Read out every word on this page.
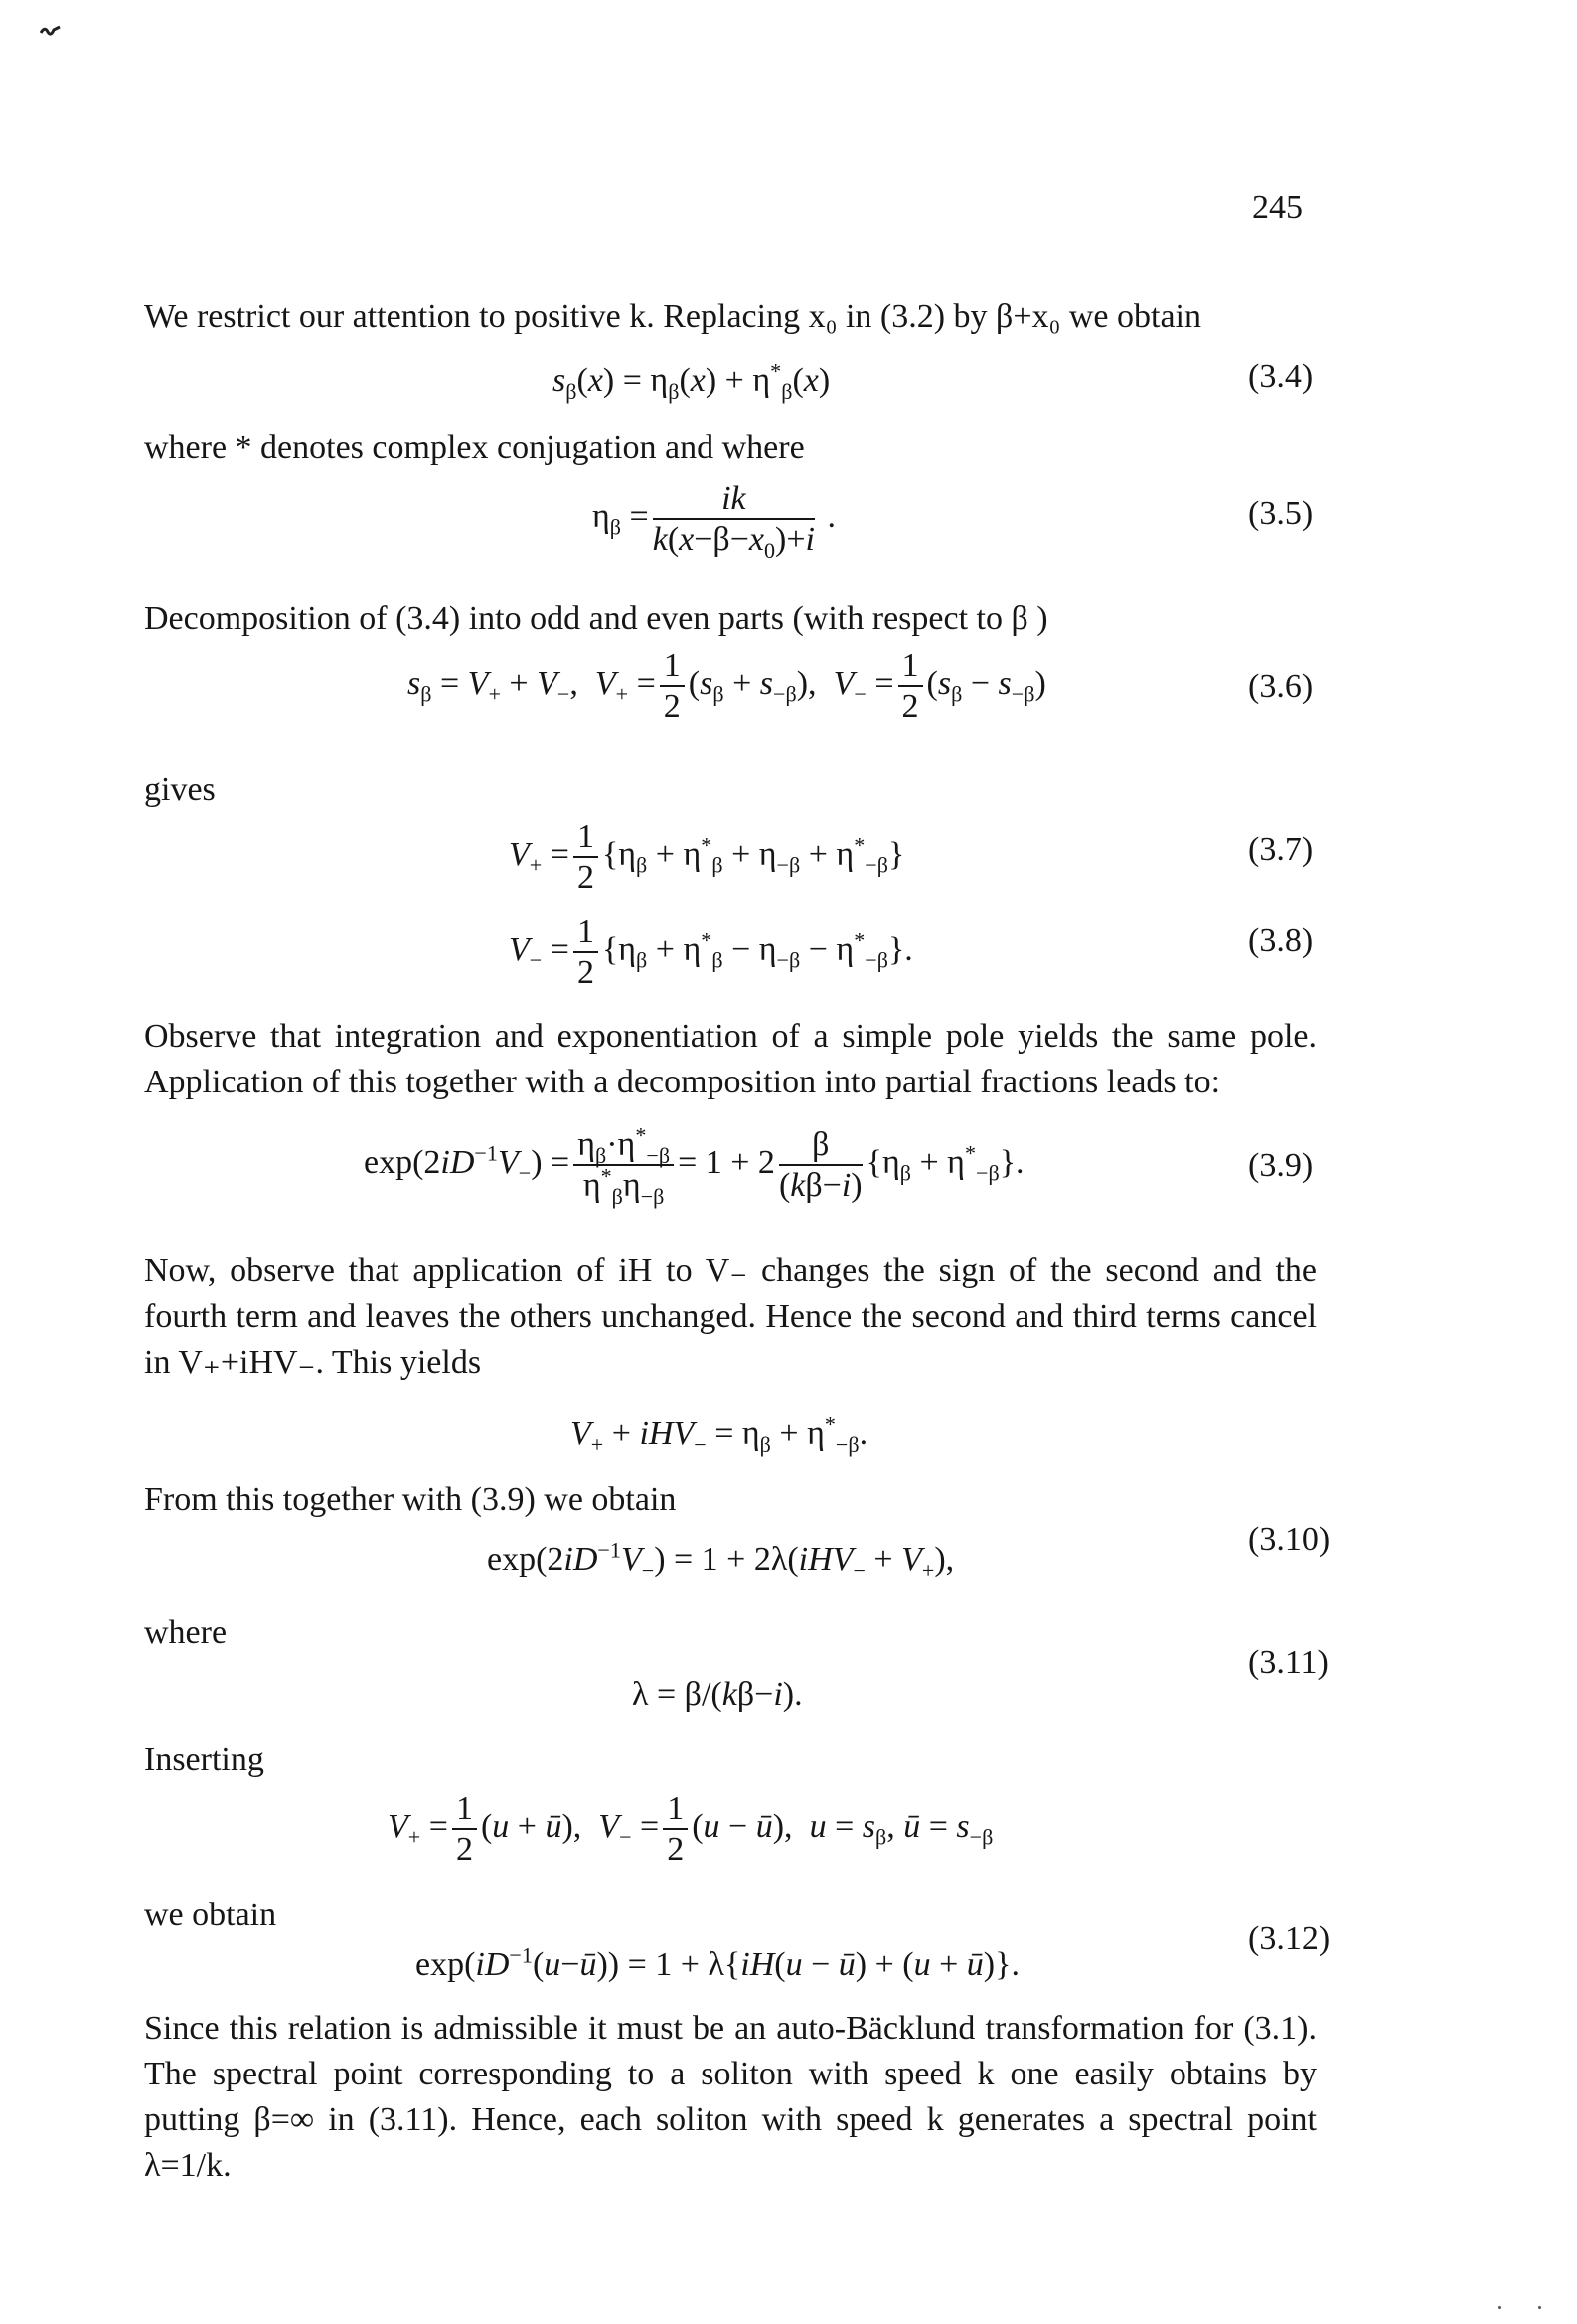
245
We restrict our attention to positive k. Replacing x₀ in (3.2) by β+x₀ we obtain
$s_\beta(x) = \eta_\beta(x) + \eta^*_\beta(x)$	(3.4)
where * denotes complex conjugation and where
$\eta_\beta = \frac{ik}{k(x-\beta-x_0)+i}$ .	(3.5)
Decomposition of (3.4) into odd and even parts (with respect to β )
$s_\beta = V_+ + V_-$,  $V_+ = \frac{1}{2} (s_\beta + s_{-\beta})$,  $V_- = \frac{1}{2} (s_\beta - s_{-\beta})$	(3.6)
gives
$V_+ = \frac{1}{2} \{\eta_\beta + \eta^*_\beta + \eta_{-\beta} + \eta^*_{-\beta}\}$	(3.7)
$V_- = \frac{1}{2} \{\eta_\beta + \eta^*_\beta - \eta_{-\beta} - \eta^*_{-\beta}\}$.	(3.8)
Observe that integration and exponentiation of a simple pole yields the same pole. Application of this together with a decomposition into partial fractions leads to:
$\exp(2iD^{-1}V_-) = \frac{\eta_\beta\cdot\eta^*_{-\beta}}{\eta^*_\beta\eta_{-\beta}} = 1 + 2 \frac{\beta}{(k\beta-i)} \{\eta_\beta + \eta^*_{-\beta}\}$.	(3.9)
Now, observe that application of iH to V₋ changes the sign of the second and the fourth term and leaves the others unchanged. Hence the second and third terms cancel in V₊+iHV₋. This yields
$V_+ + iHV_- = \eta_\beta + \eta^*_{-\beta}$.
From this together with (3.9) we obtain
$\exp(2iD^{-1}V_-) = 1 + 2\lambda(iHV_- + V_+)$,
(3.10)
where
λ = β/(kβ−i).
(3.11)
Inserting
$V_+ = \frac{1}{2} (u$ + ū),  $V_- = \frac{1}{2} (u$ − ū),  $u = s_\beta$, ū = $s_{-\beta}$
we obtain
$\exp(iD^{-1}(u-ū)) = 1 + \lambda\{iH(u$ − ū) + (u + ū)}.
(3.12)
Since this relation is admissible it must be an auto-Bäcklund transformation for (3.1). The spectral point corresponding to a soliton with speed k one easily obtains by putting β=∞ in (3.11). Hence, each soliton with speed k generates a spectral point λ=1/k.
